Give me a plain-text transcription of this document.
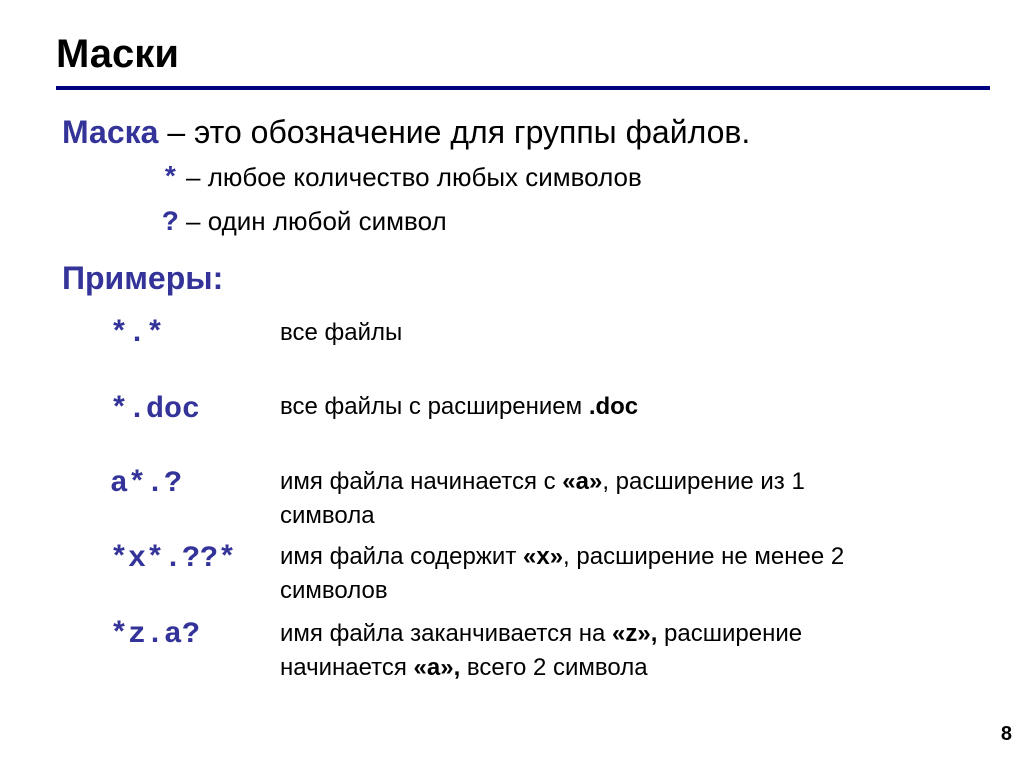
Маски
Маска – это обозначение для группы файлов.
* – любое количество любых символов
? – один любой символ
Примеры:
*.*	все файлы
*.doc	все файлы с расширением .doc
a*.?	имя файла начинается с «a», расширение из 1 символа
*x*.??* имя файла содержит «x», расширение не менее 2 символов
*z.a?	имя файла заканчивается на «z», расширение начинается «a», всего 2 символа
8
